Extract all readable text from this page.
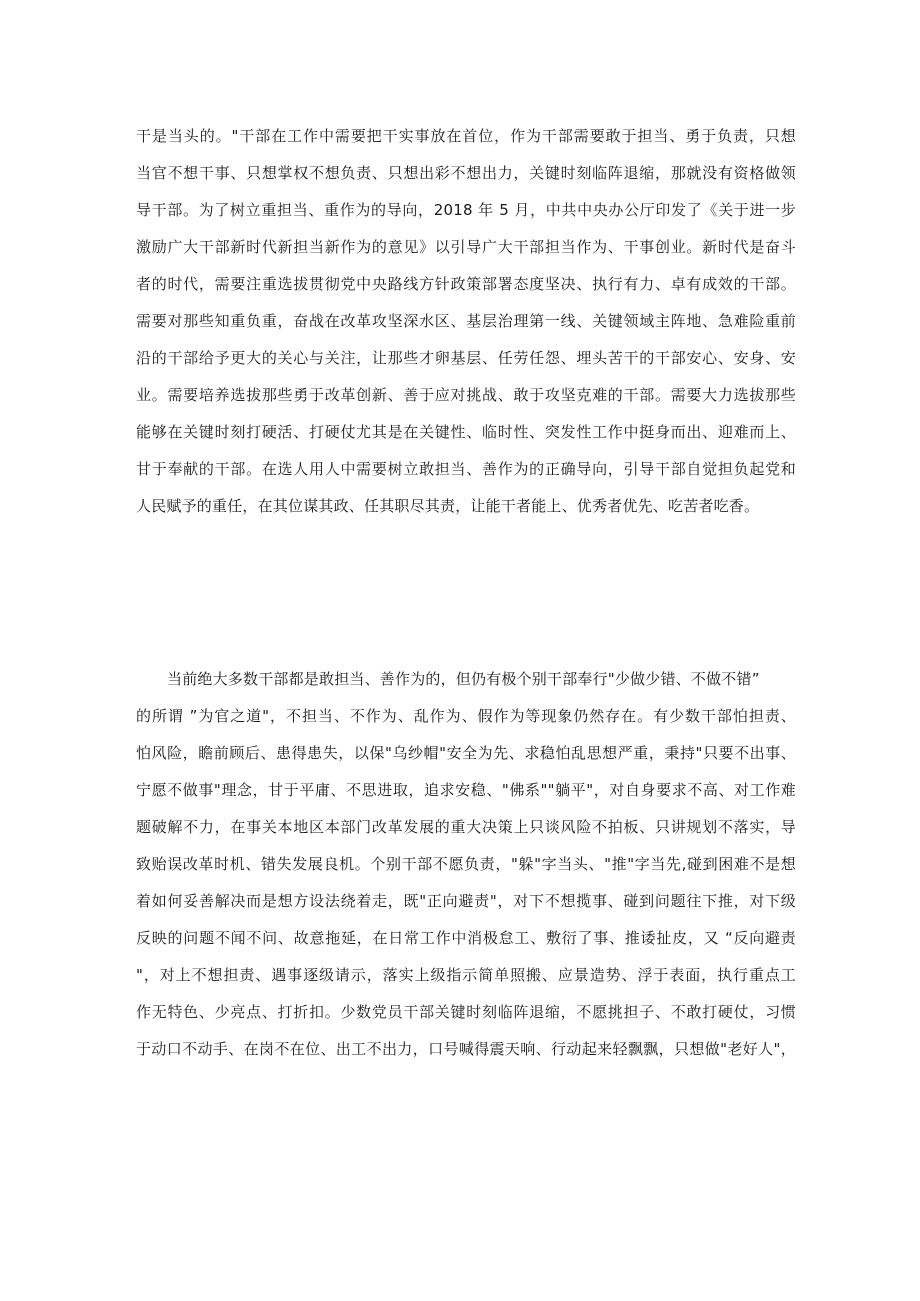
干是当头的。"干部在工作中需要把干实事放在首位，作为干部需要敢于担当、勇于负责，只想
当官不想干事、只想掌权不想负责、只想出彩不想出力，关键时刻临阵退缩，那就没有资格做领
导干部。为了树立重担当、重作为的导向，2018 年 5 月，中共中央办公厅印发了《关于进一步
激励广大干部新时代新担当新作为的意见》以引导广大干部担当作为、干事创业。新时代是奋斗
者的时代，需要注重选拔贯彻党中央路线方针政策部署态度坚决、执行有力、卓有成效的干部。
需要对那些知重负重，奋战在改革攻坚深水区、基层治理第一线、关键领域主阵地、急难险重前
沿的干部给予更大的关心与关注，让那些才卵基层、任劳任怨、埋头苦干的干部安心、安身、安
业。需要培养选拔那些勇于改革创新、善于应对挑战、敢于攻坚克难的干部。需要大力选拔那些
能够在关键时刻打硬活、打硬仗尤其是在关键性、临时性、突发性工作中挺身而出、迎难而上、
甘于奉献的干部。在选人用人中需要树立敢担当、善作为的正确导向，引导干部自觉担负起党和
人民赋予的重任，在其位谋其政、任其职尽其责，让能干者能上、优秀者优先、吃苦者吃香。
当前绝大多数干部都是敢担当、善作为的，但仍有极个别干部奉行"少做少错、不做不错”
的所谓 ”为官之道"，不担当、不作为、乱作为、假作为等现象仍然存在。有少数干部怕担责、
怕风险，瞻前顾后、患得患失，以保"乌纱帽"安全为先、求稳怕乱思想严重，秉持"只要不出事、
宁愿不做事"理念，甘于平庸、不思进取，追求安稳、"佛系""躺平"，对自身要求不高、对工作难
题破解不力，在事关本地区本部门改革发展的重大决策上只谈风险不拍板、只讲规划不落实，导
致贻误改革时机、错失发展良机。个别干部不愿负责，"躲"字当头、"推"字当先,碰到困难不是想
着如何妥善解决而是想方设法绕着走，既"正向避责"，对下不想揽事、碰到问题往下推，对下级
反映的问题不闻不问、故意拖延，在日常工作中消极怠工、敷衍了事、推诿扯皮，又 “反向避责
"，对上不想担责、遇事逐级请示，落实上级指示简单照搬、应景造势、浮于表面，执行重点工
作无特色、少亮点、打折扣。少数党员干部关键时刻临阵退缩，不愿挑担子、不敢打硬仗，习惯
于动口不动手、在岗不在位、出工不出力，口号喊得震天响、行动起来轻飘飘，只想做"老好人"，
